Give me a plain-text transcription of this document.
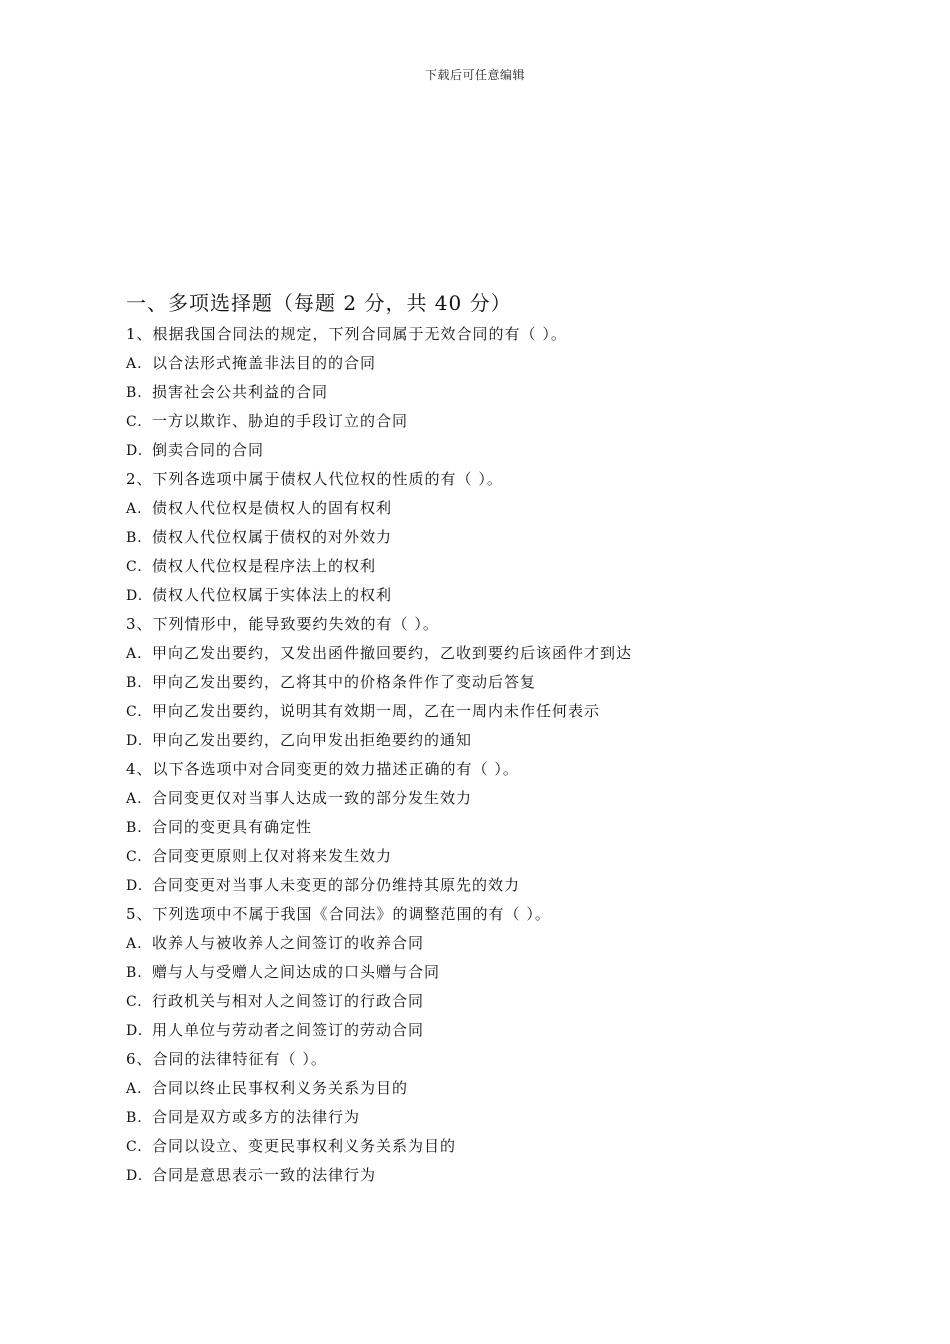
下载后可任意编辑
一、多项选择题（每题 2 分，共 40 分）
1、根据我国合同法的规定，下列合同属于无效合同的有（ ）。
A. 以合法形式掩盖非法目的的合同
B. 损害社会公共利益的合同
C. 一方以欺诈、胁迫的手段订立的合同
D. 倒卖合同的合同
2、下列各选项中属于债权人代位权的性质的有（ ）。
A. 债权人代位权是债权人的固有权利
B. 债权人代位权属于债权的对外效力
C. 债权人代位权是程序法上的权利
D. 债权人代位权属于实体法上的权利
3、下列情形中，能导致要约失效的有（ ）。
A. 甲向乙发出要约，又发出函件撤回要约，乙收到要约后该函件才到达
B. 甲向乙发出要约，乙将其中的价格条件作了变动后答复
C. 甲向乙发出要约，说明其有效期一周，乙在一周内未作任何表示
D. 甲向乙发出要约，乙向甲发出拒绝要约的通知
4、以下各选项中对合同变更的效力描述正确的有（ ）。
A. 合同变更仅对当事人达成一致的部分发生效力
B. 合同的变更具有确定性
C. 合同变更原则上仅对将来发生效力
D. 合同变更对当事人未变更的部分仍维持其原先的效力
5、下列选项中不属于我国《合同法》的调整范围的有（ ）。
A. 收养人与被收养人之间签订的收养合同
B. 赠与人与受赠人之间达成的口头赠与合同
C. 行政机关与相对人之间签订的行政合同
D. 用人单位与劳动者之间签订的劳动合同
6、合同的法律特征有（ ）。
A. 合同以终止民事权利义务关系为目的
B. 合同是双方或多方的法律行为
C. 合同以设立、变更民事权利义务关系为目的
D. 合同是意思表示一致的法律行为
